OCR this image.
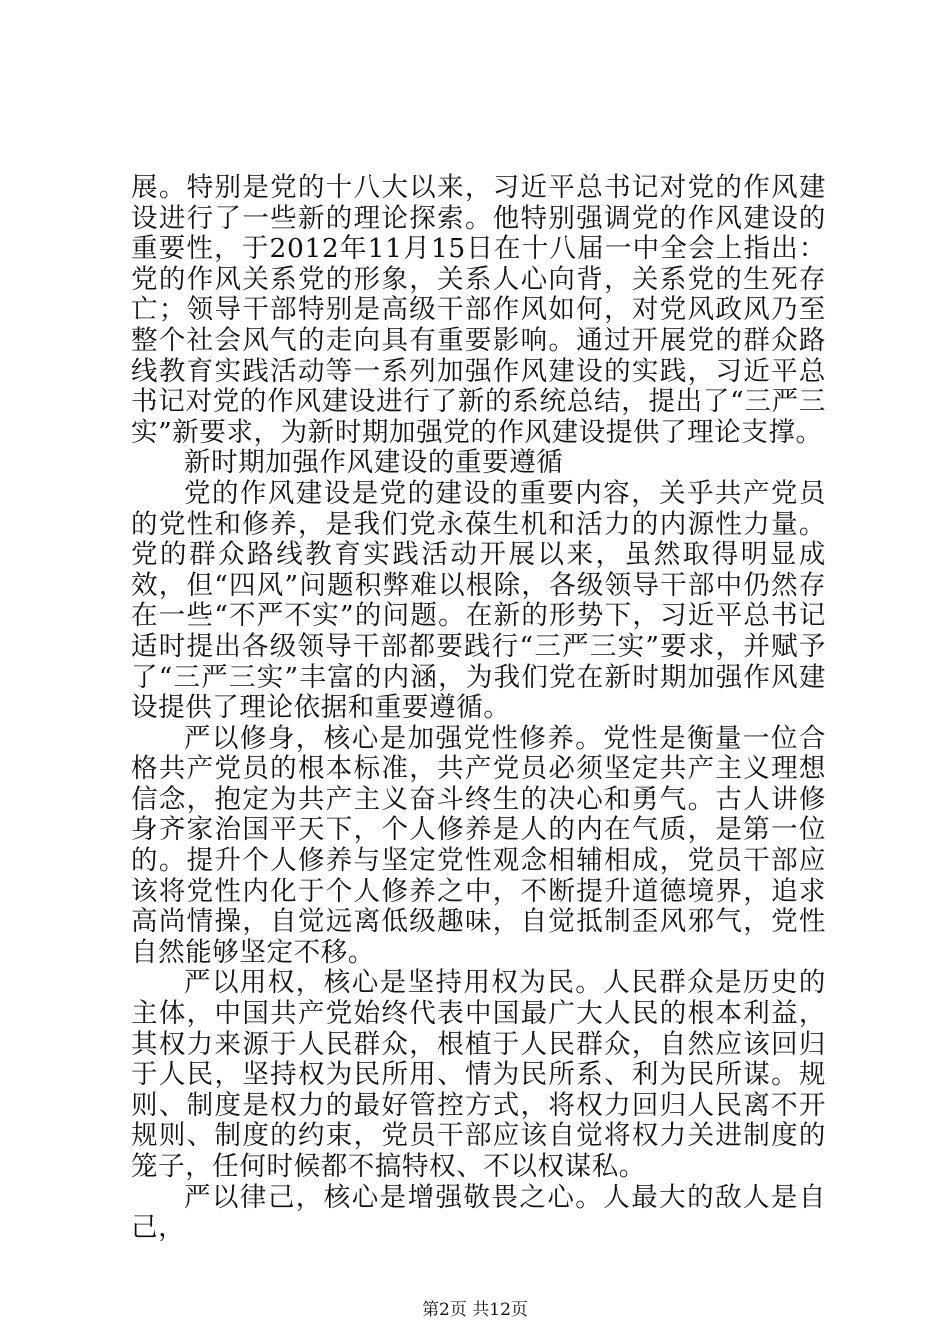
展。特别是党的十八大以来，习近平总书记对党的作风建设进行了一些新的理论探索。他特别强调党的作风建设的重要性，于2012年11月15日在十八届一中全会上指出：党的作风关系党的形象，关系人心向背，关系党的生死存亡；领导干部特别是高级干部作风如何，对党风政风乃至整个社会风气的走向具有重要影响。通过开展党的群众路线教育实践活动等一系列加强作风建设的实践，习近平总书记对党的作风建设进行了新的系统总结，提出了“三严三实”新要求，为新时期加强党的作风建设提供了理论支撑。

新时期加强作风建设的重要遵循

党的作风建设是党的建设的重要内容，关乎共产党员的党性和修养，是我们党永葆生机和活力的内源性力量。党的群众路线教育实践活动开展以来，虽然取得明显成效，但“四风”问题积弊难以根除，各级领导干部中仍然存在一些“不严不实”的问题。在新的形势下，习近平总书记适时提出各级领导干部都要践行“三严三实”要求，并赋予了“三严三实”丰富的内涵，为我们党在新时期加强作风建设提供了理论依据和重要遵循。

严以修身，核心是加强党性修养。党性是衡量一位合格共产党员的根本标准，共产党员必须坚定共产主义理想信念，抱定为共产主义奋斗终生的决心和勇气。古人讲修身齐家治国平天下，个人修养是人的内在气质，是第一位的。提升个人修养与坚定党性观念相辅相成，党员干部应该将党性内化于个人修养之中，不断提升道德境界，追求高尚情操，自觉远离低级趣味，自觉抵制歪风邪气，党性自然能够坚定不移。

严以用权，核心是坚持用权为民。人民群众是历史的主体，中国共产党始终代表中国最广大人民的根本利益，其权力来源于人民群众，根植于人民群众，自然应该回归于人民，坚持权为民所用、情为民所系、利为民所谋。规则、制度是权力的最好管控方式，将权力回归人民离不开规则、制度的约束，党员干部应该自觉将权力关进制度的笼子，任何时候都不搞特权、不以权谋私。

严以律己，核心是增强敬畏之心。人最大的敌人是自己，

第2页 共12页
